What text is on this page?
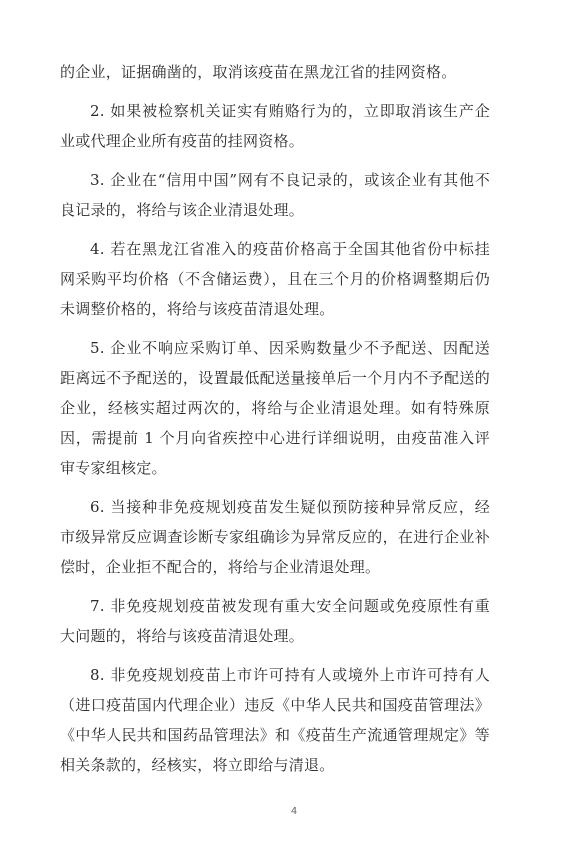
的企业，证据确凿的，取消该疫苗在黑龙江省的挂网资格。

2. 如果被检察机关证实有贿赂行为的，立即取消该生产企业或代理企业所有疫苗的挂网资格。

3. 企业在“信用中国”网有不良记录的，或该企业有其他不良记录的，将给与该企业清退处理。

4. 若在黑龙江省准入的疫苗价格高于全国其他省份中标挂网采购平均价格（不含储运费），且在三个月的价格调整期后仍未调整价格的，将给与该疫苗清退处理。

5. 企业不响应采购订单、因采购数量少不予配送、因配送距离远不予配送的，设置最低配送量接单后一个月内不予配送的企业，经核实超过两次的，将给与企业清退处理。如有特殊原因，需提前 1 个月向省疾控中心进行详细说明，由疫苗准入评审专家组核定。

6. 当接种非免疫规划疫苗发生疑似预防接种异常反应，经市级异常反应调查诊断专家组确诊为异常反应的，在进行企业补偿时，企业拒不配合的，将给与企业清退处理。

7. 非免疫规划疫苗被发现有重大安全问题或免疫原性有重大问题的，将给与该疫苗清退处理。

8. 非免疫规划疫苗上市许可持有人或境外上市许可持有人（进口疫苗国内代理企业）违反《中华人民共和国疫苗管理法》《中华人民共和国药品管理法》和《疫苗生产流通管理规定》等相关条款的，经核实，将立即给与清退。

4
